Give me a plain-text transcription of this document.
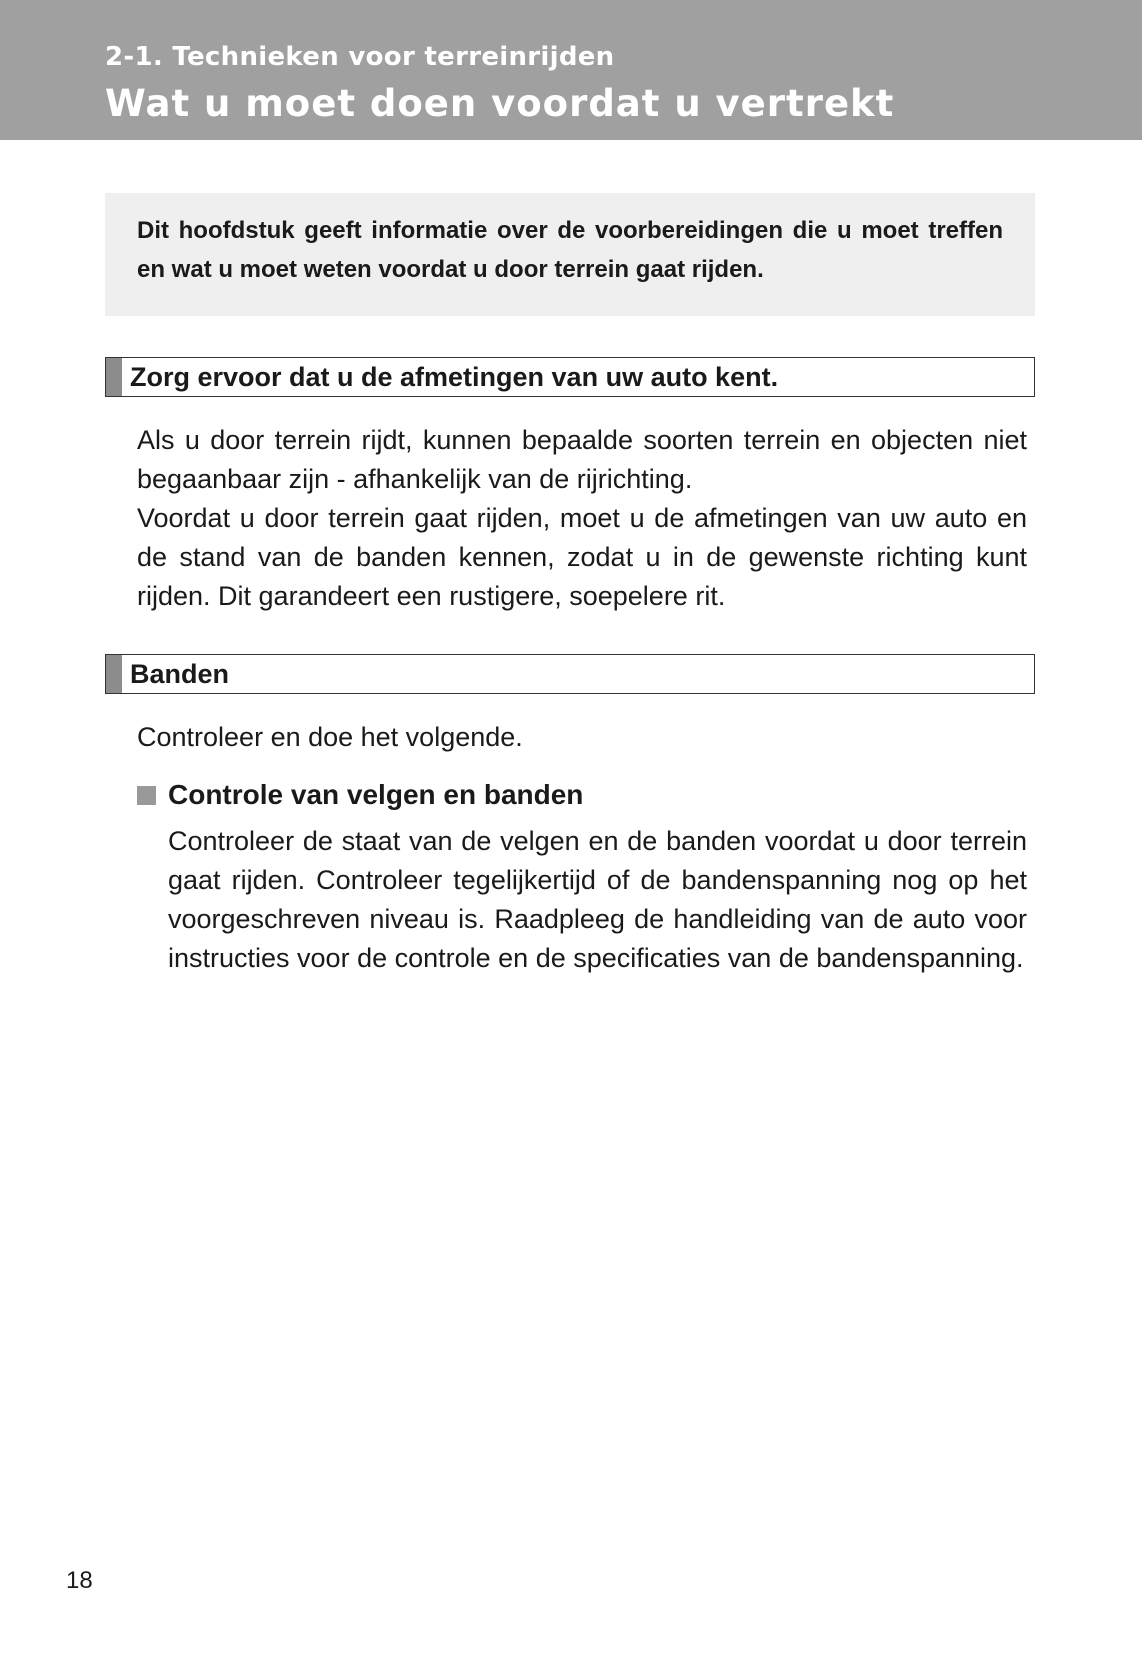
2-1. Technieken voor terreinrijden
Wat u moet doen voordat u vertrekt

Dit hoofdstuk geeft informatie over de voorbereidingen die u moet treffen en wat u moet weten voordat u door terrein gaat rijden.

Zorg ervoor dat u de afmetingen van uw auto kent.
Als u door terrein rijdt, kunnen bepaalde soorten terrein en objecten niet begaanbaar zijn - afhankelijk van de rijrichting.
Voordat u door terrein gaat rijden, moet u de afmetingen van uw auto en de stand van de banden kennen, zodat u in de gewenste richting kunt rijden. Dit garandeert een rustigere, soepelere rit.
Banden

Controleer en doe het volgende.

Controle van velgen en banden

Controleer de staat van de velgen en de banden voordat u door terrein gaat rijden. Controleer tegelijkertijd of de bandenspanning nog op het voorgeschreven niveau is. Raadpleeg de handleiding van de auto voor instructies voor de controle en de specificaties van de bandenspanning.

18
